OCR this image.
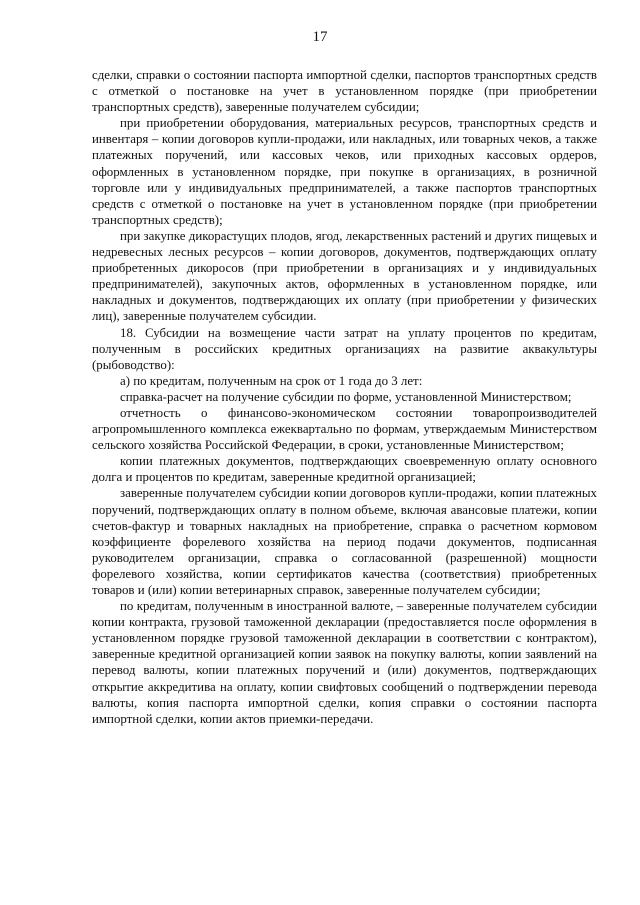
17

сделки, справки о состоянии паспорта импортной сделки, паспортов транспортных средств с отметкой о постановке на учет в установленном порядке (при приобретении транспортных средств), заверенные получателем субсидии;

при приобретении оборудования, материальных ресурсов, транспортных средств и инвентаря – копии договоров купли-продажи, или накладных, или товарных чеков, а также платежных поручений, или кассовых чеков, или приходных кассовых ордеров, оформленных в установленном порядке, при покупке в организациях, в розничной торговле или у индивидуальных предпринимателей, а также паспортов транспортных средств с отметкой о постановке на учет в установленном порядке (при приобретении транспортных средств);

при закупке дикорастущих плодов, ягод, лекарственных растений и других пищевых и недревесных лесных ресурсов – копии договоров, документов, подтверждающих оплату приобретенных дикоросов (при приобретении в организациях и у индивидуальных предпринимателей), закупочных актов, оформленных в установленном порядке, или накладных и документов, подтверждающих их оплату (при приобретении у физических лиц), заверенные получателем субсидии.

18. Субсидии на возмещение части затрат на уплату процентов по кредитам, полученным в российских кредитных организациях на развитие аквакультуры (рыбоводство):

а) по кредитам, полученным на срок от 1 года до 3 лет:

справка-расчет на получение субсидии по форме, установленной Министерством;

отчетность о финансово-экономическом состоянии товаропроизводителей агропромышленного комплекса ежеквартально по формам, утверждаемым Министерством сельского хозяйства Российской Федерации, в сроки, установленные Министерством;

копии платежных документов, подтверждающих своевременную оплату основного долга и процентов по кредитам, заверенные кредитной организацией;

заверенные получателем субсидии копии договоров купли-продажи, копии платежных поручений, подтверждающих оплату в полном объеме, включая авансовые платежи, копии счетов-фактур и товарных накладных на приобретение, справка о расчетном кормовом коэффициенте форелевого хозяйства на период подачи документов, подписанная руководителем организации, справка о согласованной (разрешенной) мощности форелевого хозяйства, копии сертификатов качества (соответствия) приобретенных товаров и (или) копии ветеринарных справок, заверенные получателем субсидии;

по кредитам, полученным в иностранной валюте, – заверенные получателем субсидии копии контракта, грузовой таможенной декларации (предоставляется после оформления в установленном порядке грузовой таможенной декларации в соответствии с контрактом), заверенные кредитной организацией копии заявок на покупку валюты, копии заявлений на перевод валюты, копии платежных поручений и (или) документов, подтверждающих открытие аккредитива на оплату, копии свифтовых сообщений о подтверждении перевода валюты, копия паспорта импортной сделки, копия справки о состоянии паспорта импортной сделки, копии актов приемки-передачи.
